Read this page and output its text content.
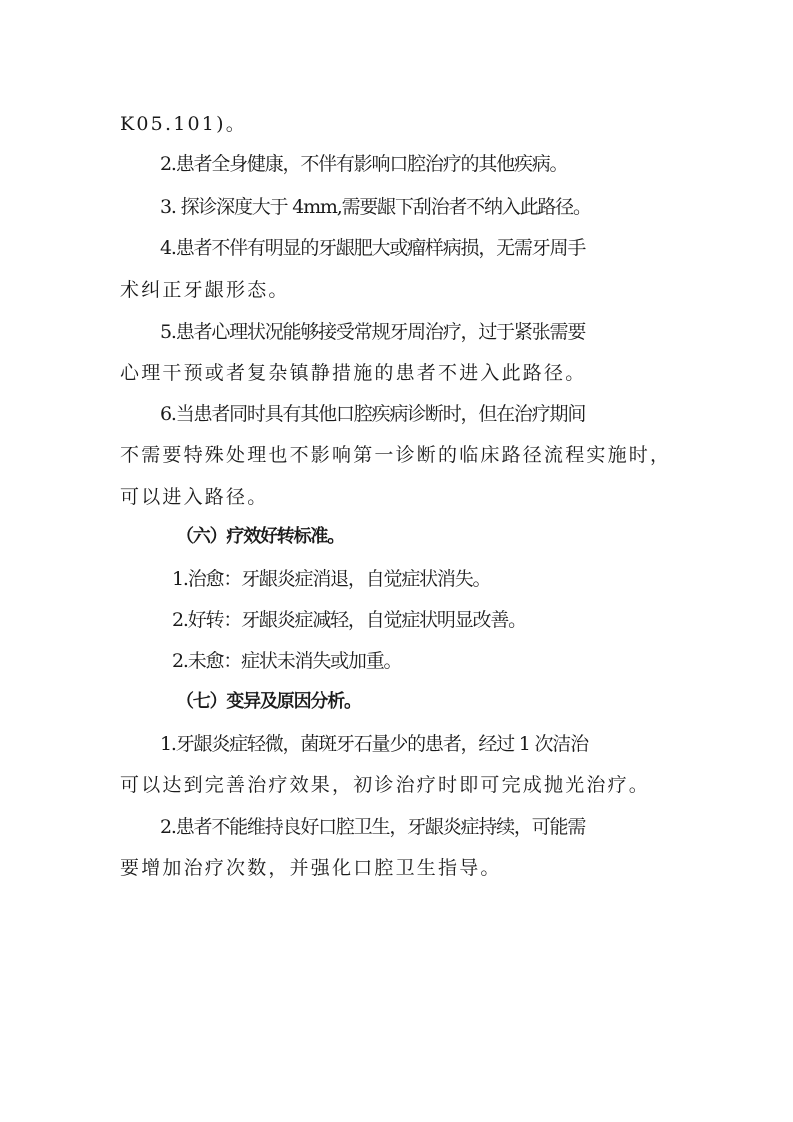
K05.101)。
2.患者全身健康，不伴有影响口腔治疗的其他疾病。
3. 探诊深度大于 4mm,需要龈下刮治者不纳入此路径。
4.患者不伴有明显的牙龈肥大或瘤样病损，无需牙周手
术纠正牙龈形态。
5.患者心理状况能够接受常规牙周治疗，过于紧张需要
心理干预或者复杂镇静措施的患者不进入此路径。
6.当患者同时具有其他口腔疾病诊断时，但在治疗期间
不需要特殊处理也不影响第一诊断的临床路径流程实施时，
可以进入路径。
（六）疗效好转标准。
1.治愈：牙龈炎症消退，自觉症状消失。
2.好转：牙龈炎症减轻，自觉症状明显改善。
2.未愈：症状未消失或加重。
（七）变异及原因分析。
1.牙龈炎症轻微，菌斑牙石量少的患者，经过 1 次洁治
可以达到完善治疗效果，初诊治疗时即可完成抛光治疗。
2.患者不能维持良好口腔卫生，牙龈炎症持续，可能需
要增加治疗次数，并强化口腔卫生指导。
